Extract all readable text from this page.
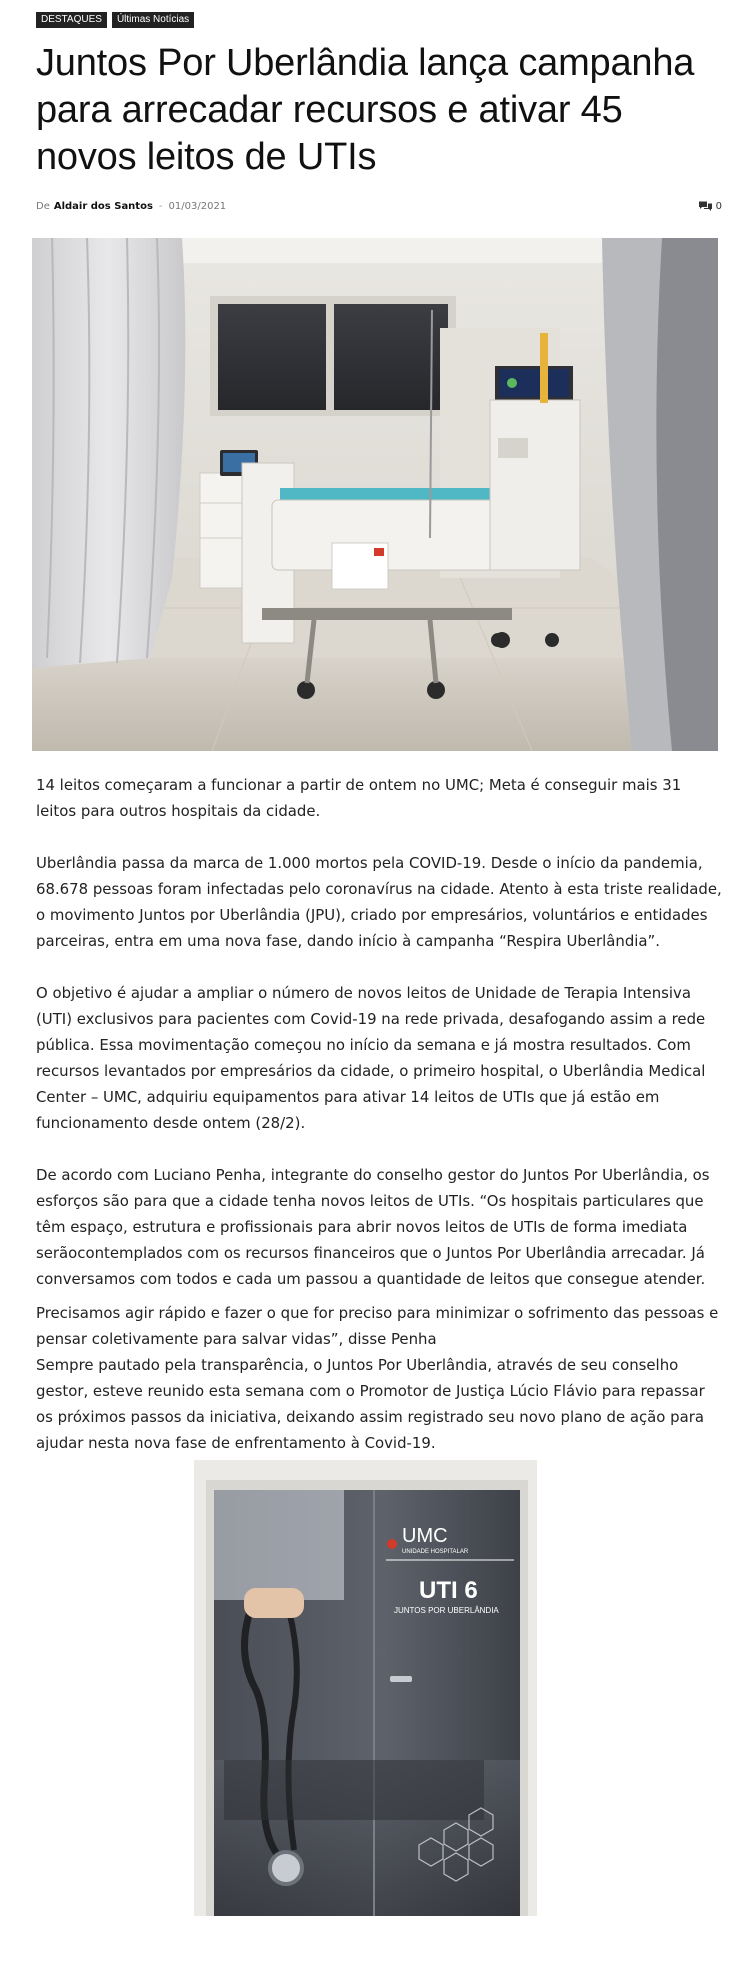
DESTAQUES	Últimas Notícias
Juntos Por Uberlândia lança campanha para arrecadar recursos e ativar 45 novos leitos de UTIs
De Aldair dos Santos - 01/03/2021	0

14 leitos começaram a funcionar a partir de ontem no UMC; Meta é conseguir mais 31 leitos para outros hospitais da cidade.

Uberlândia passa da marca de 1.000 mortos pela COVID-19. Desde o início da pandemia, 68.678 pessoas foram infectadas pelo coronavírus na cidade. Atento à esta triste realidade, o movimento Juntos por Uberlândia (JPU), criado por empresários, voluntários e entidades parceiras, entra em uma nova fase, dando início à campanha “Respira Uberlândia”.

O objetivo é ajudar a ampliar o número de novos leitos de Unidade de Terapia Intensiva (UTI) exclusivos para pacientes com Covid-19 na rede privada, desafogando assim a rede pública. Essa movimentação começou no início da semana e já mostra resultados. Com recursos levantados por empresários da cidade, o primeiro hospital, o Uberlândia Medical Center – UMC, adquiriu equipamentos para ativar 14 leitos de UTIs que já estão em funcionamento desde ontem (28/2).

De acordo com Luciano Penha, integrante do conselho gestor do Juntos Por Uberlândia, os esforços são para que a cidade tenha novos leitos de UTIs. “Os hospitais particulares que têm espaço, estrutura e profissionais para abrir novos leitos de UTIs de forma imediata serãocontemplados com os recursos financeiros que o Juntos Por Uberlândia arrecadar. Já conversamos com todos e cada um passou a quantidade de leitos que consegue atender.

Precisamos agir rápido e fazer o que for preciso para minimizar o sofrimento das pessoas e pensar coletivamente para salvar vidas”, disse Penha

Sempre pautado pela transparência, o Juntos Por Uberlândia, através de seu conselho gestor, esteve reunido esta semana com o Promotor de Justiça Lúcio Flávio para repassar os próximos passos da iniciativa, deixando assim registrado seu novo plano de ação para ajudar nesta nova fase de enfrentamento à Covid-19.

UMC
UNIDADE HOSPITALAR
UTI 6
JUNTOS POR UBERLÂNDIA
